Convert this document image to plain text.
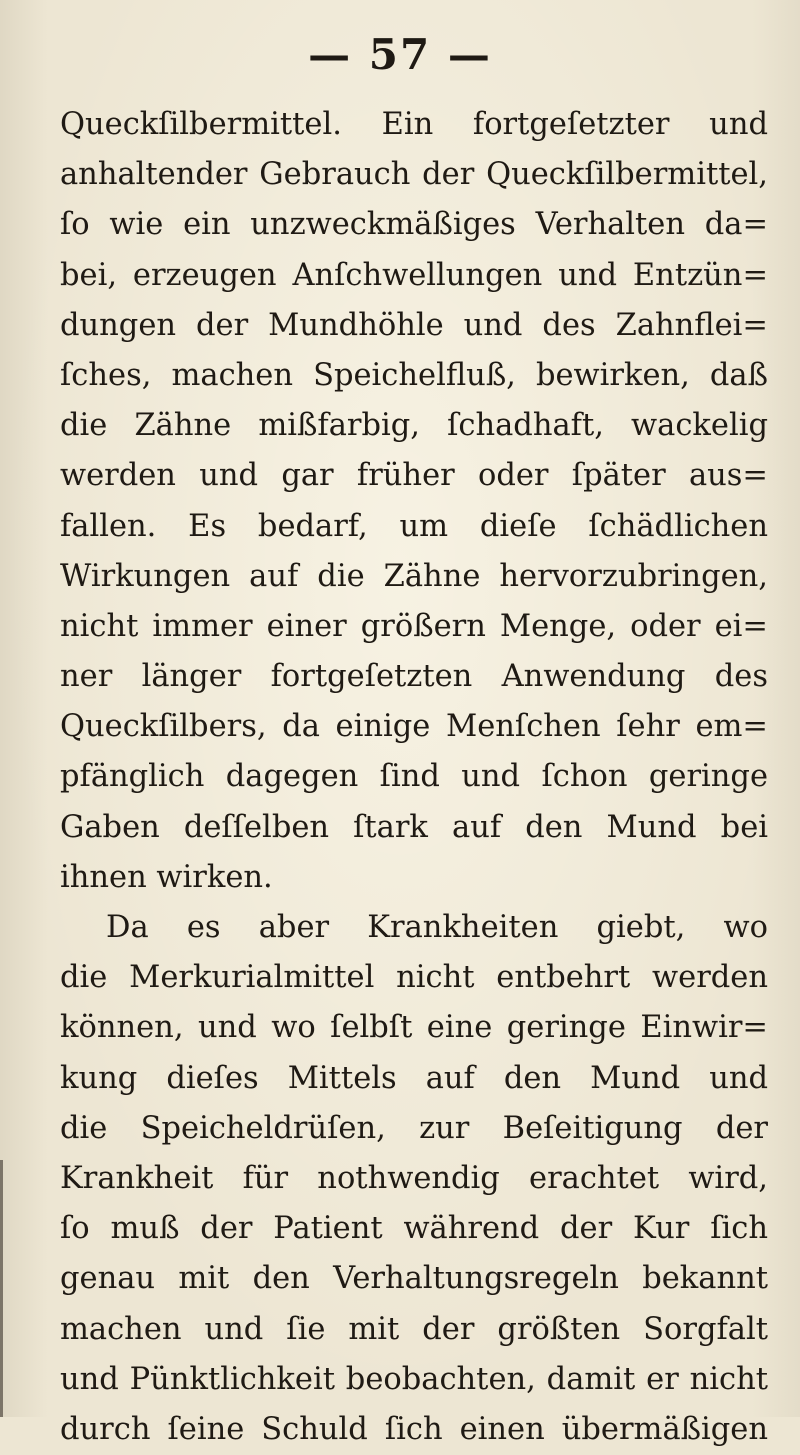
— 57 —
Queckſilbermittel. Ein fortgeſetzter und
anhaltender Gebrauch der Queckſilbermittel,
ſo wie ein unzweckmäßiges Verhalten da=
bei, erzeugen Anſchwellungen und Entzün=
dungen der Mundhöhle und des Zahnflei=
ſches, machen Speichelfluß, bewirken, daß
die Zähne mißfarbig, ſchadhaft, wackelig
werden und gar früher oder ſpäter aus=
fallen. Es bedarf, um dieſe ſchädlichen
Wirkungen auf die Zähne hervorzubringen,
nicht immer einer größern Menge, oder ei=
ner länger fortgeſetzten Anwendung des
Queckſilbers, da einige Menſchen ſehr em=
pfänglich dagegen ſind und ſchon geringe
Gaben deſſelben ſtark auf den Mund bei
ihnen wirken.
Da es aber Krankheiten giebt, wo
die Merkurialmittel nicht entbehrt werden
können, und wo ſelbſt eine geringe Einwir=
kung dieſes Mittels auf den Mund und
die Speicheldrüſen, zur Beſeitigung der
Krankheit für nothwendig erachtet wird,
ſo muß der Patient während der Kur ſich
genau mit den Verhaltungsregeln bekannt
machen und ſie mit der größten Sorgfalt
und Pünktlichkeit beobachten, damit er nicht
durch ſeine Schuld ſich einen übermäßigen
